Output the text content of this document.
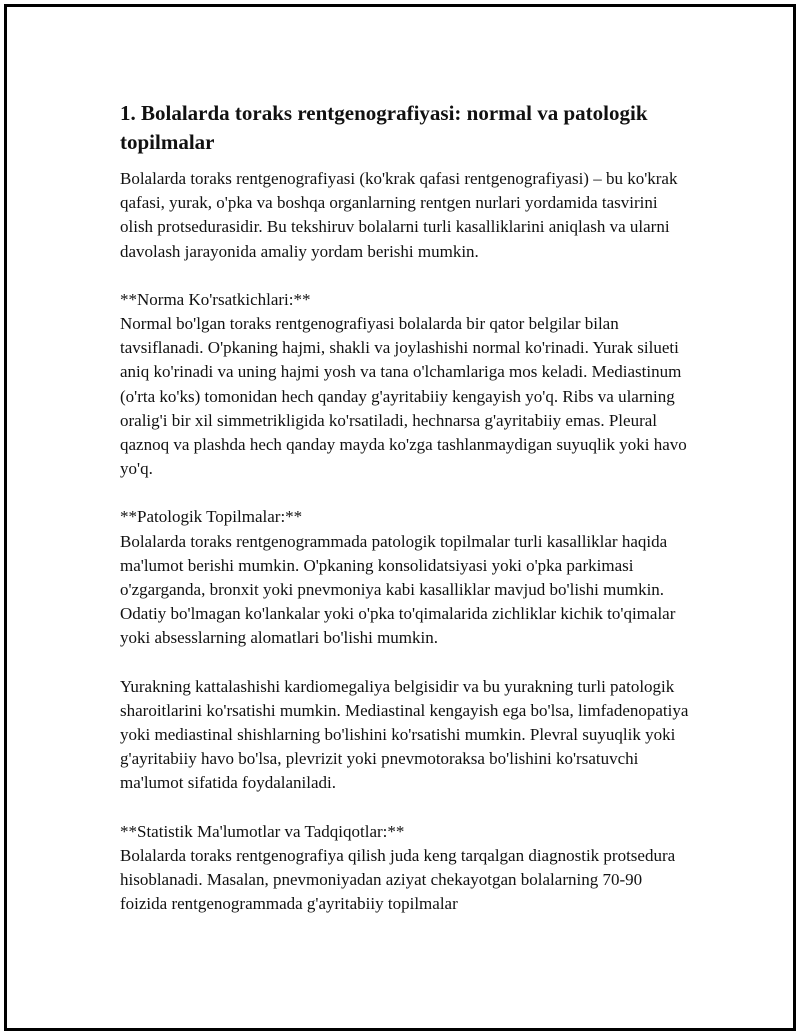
1. Bolalarda toraks rentgenografiyasi: normal va patologik topilmalar

Bolalarda toraks rentgenografiyasi (ko'krak qafasi rentgenografiyasi) – bu ko'krak qafasi, yurak, o'pka va boshqa organlarning rentgen nurlari yordamida tasvirini olish protsedurasidir. Bu tekshiruv bolalarni turli kasalliklarini aniqlash va ularni davolash jarayonida amaliy yordam berishi mumkin.

**Norma Ko'rsatkichlari:**
Normal bo'lgan toraks rentgenografiyasi bolalarda bir qator belgilar bilan tavsiflanadi. O'pkaning hajmi, shakli va joylashishi normal ko'rinadi. Yurak silueti aniq ko'rinadi va uning hajmi yosh va tana o'lchamlariga mos keladi. Mediastinum (o'rta ko'ks) tomonidan hech qanday g'ayritabiiy kengayish yo'q. Ribs va ularning oralig'i bir xil simmetrikligida ko'rsatiladi, hechnarsa g'ayritabiiy emas. Pleural qaznoq va plashda hech qanday mayda ko'zga tashlanmaydigan suyuqlik yoki havo yo'q.

**Patologik Topilmalar:**
Bolalarda toraks rentgenogrammada patologik topilmalar turli kasalliklar haqida ma'lumot berishi mumkin. O'pkaning konsolidatsiyasi yoki o'pka parkimasi o'zgarganda, bronxit yoki pnevmoniya kabi kasalliklar mavjud bo'lishi mumkin. Odatiy bo'lmagan ko'lankalar yoki o'pka to'qimalarida zichliklar kichik to'qimalar yoki absesslarning alomatlari bo'lishi mumkin.

Yurakning kattalashishi kardiomegaliya belgisidir va bu yurakning turli patologik sharoitlarini ko'rsatishi mumkin. Mediastinal kengayish ega bo'lsa, limfadenopatiya yoki mediastinal shishlarning bo'lishini ko'rsatishi mumkin. Plevral suyuqlik yoki g'ayritabiiy havo bo'lsa, plevrizit yoki pnevmotoraksa bo'lishini ko'rsatuvchi ma'lumot sifatida foydalaniladi.

**Statistik Ma'lumotlar va Tadqiqotlar:**
Bolalarda toraks rentgenografiya qilish juda keng tarqalgan diagnostik protsedura hisoblanadi. Masalan, pnevmoniyadan aziyat chekayotgan bolalarning 70-90 foizida rentgenogrammada g'ayritabiiy topilmalar
